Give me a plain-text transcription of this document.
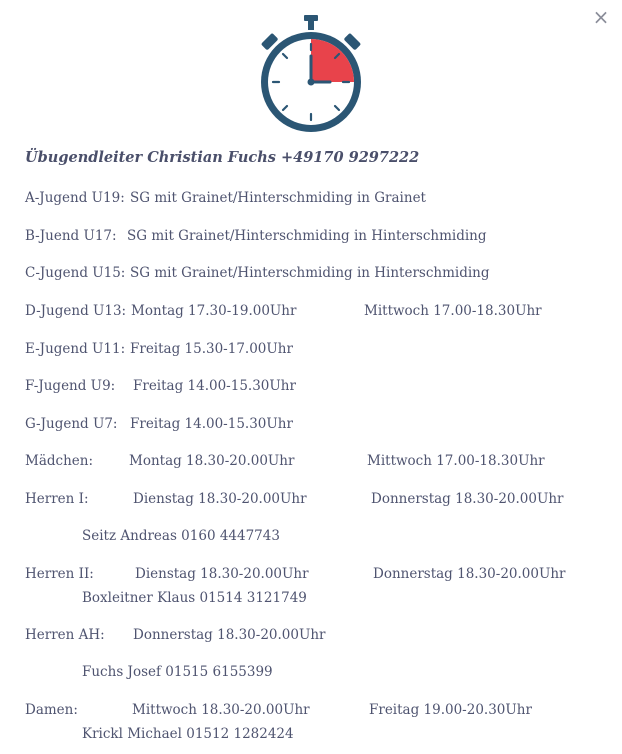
×
Übugendleiter Christian Fuchs +49170 9297222
A-Jugend U19: SG mit Grainet/Hinterschmiding in Grainet
B-Juend U17: SG mit Grainet/Hinterschmiding in Hinterschmiding
C-Jugend U15: SG mit Grainet/Hinterschmiding in Hinterschmiding
D-Jugend U13: Montag 17.30-19.00Uhr	Mittwoch 17.00-18.30Uhr
E-Jugend U11: Freitag 15.30-17.00Uhr
F-Jugend U9: Freitag 14.00-15.30Uhr
G-Jugend U7: Freitag 14.00-15.30Uhr
Mädchen:	Montag 18.30-20.00Uhr	Mittwoch 17.00-18.30Uhr
Herren I:	Dienstag 18.30-20.00Uhr	Donnerstag 18.30-20.00Uhr
Seitz Andreas 0160 4447743
Herren II:	Dienstag 18.30-20.00Uhr	Donnerstag 18.30-20.00Uhr
Boxleitner Klaus 01514 3121749
Herren AH: Donnerstag 18.30-20.00Uhr
Fuchs Josef 01515 6155399
Damen:	Mittwoch 18.30-20.00Uhr	Freitag 19.00-20.30Uhr
Krickl Michael 01512 1282424
